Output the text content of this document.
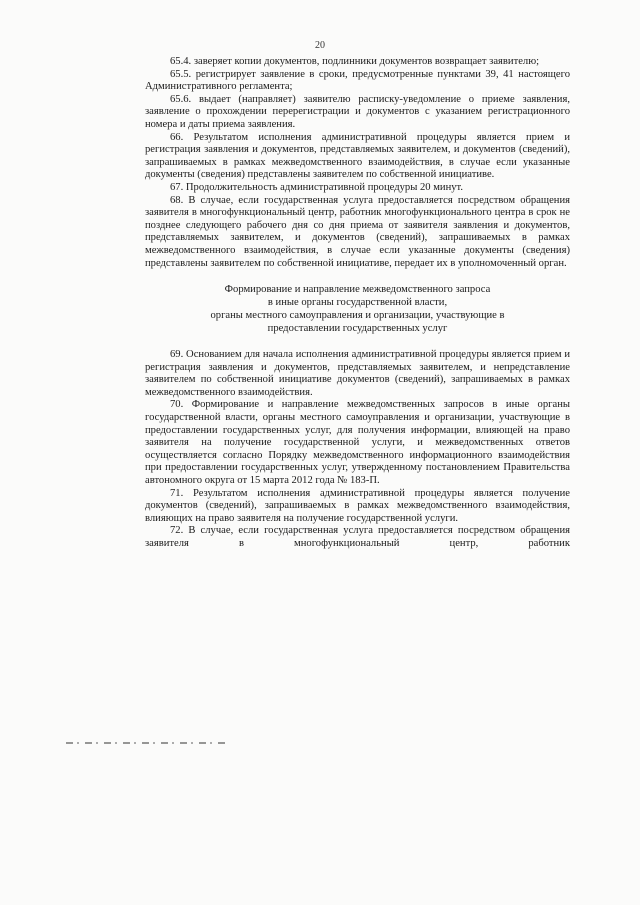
20

65.4. заверяет копии документов, подлинники документов возвращает заявителю;

65.5. регистрирует заявление в сроки, предусмотренные пунктами 39, 41 настоящего Административного регламента;

65.6. выдает (направляет) заявителю расписку-уведомление о приеме заявления, заявление о прохождении перерегистрации и документов с указанием регистрационного номера и даты приема заявления.

66. Результатом исполнения административной процедуры является прием и регистрация заявления и документов, представляемых заявителем, и документов (сведений), запрашиваемых в рамках межведомственного взаимодействия, в случае если указанные документы (сведения) представлены заявителем по собственной инициативе.

67. Продолжительность административной процедуры 20 минут.

68. В случае, если государственная услуга предоставляется посредством обращения заявителя в многофункциональный центр, работник многофункционального центра в срок не позднее следующего рабочего дня со дня приема от заявителя заявления и документов, представляемых заявителем, и документов (сведений), запрашиваемых в рамках межведомственного взаимодействия, в случае если указанные документы (сведения) представлены заявителем по собственной инициативе, передает их в уполномоченный орган.

Формирование и направление межведомственного запроса
в иные органы государственной власти,
органы местного самоуправления и организации, участвующие в
предоставлении государственных услуг

69. Основанием для начала исполнения административной процедуры является прием и регистрация заявления и документов, представляемых заявителем, и непредставление заявителем по собственной инициативе документов (сведений), запрашиваемых в рамках межведомственного взаимодействия.

70. Формирование и направление межведомственных запросов в иные органы государственной власти, органы местного самоуправления и организации, участвующие в предоставлении государственных услуг, для получения информации, влияющей на право заявителя на получение государственной услуги, и межведомственных ответов осуществляется согласно Порядку межведомственного информационного взаимодействия при предоставлении государственных услуг, утвержденному постановлением Правительства автономного округа от 15 марта 2012 года № 183-П.

71. Результатом исполнения административной процедуры является получение документов (сведений), запрашиваемых в рамках межведомственного взаимодействия, влияющих на право заявителя на получение государственной услуги.

72. В случае, если государственная услуга предоставляется посредством обращения заявителя в многофункциональный центр, работник
